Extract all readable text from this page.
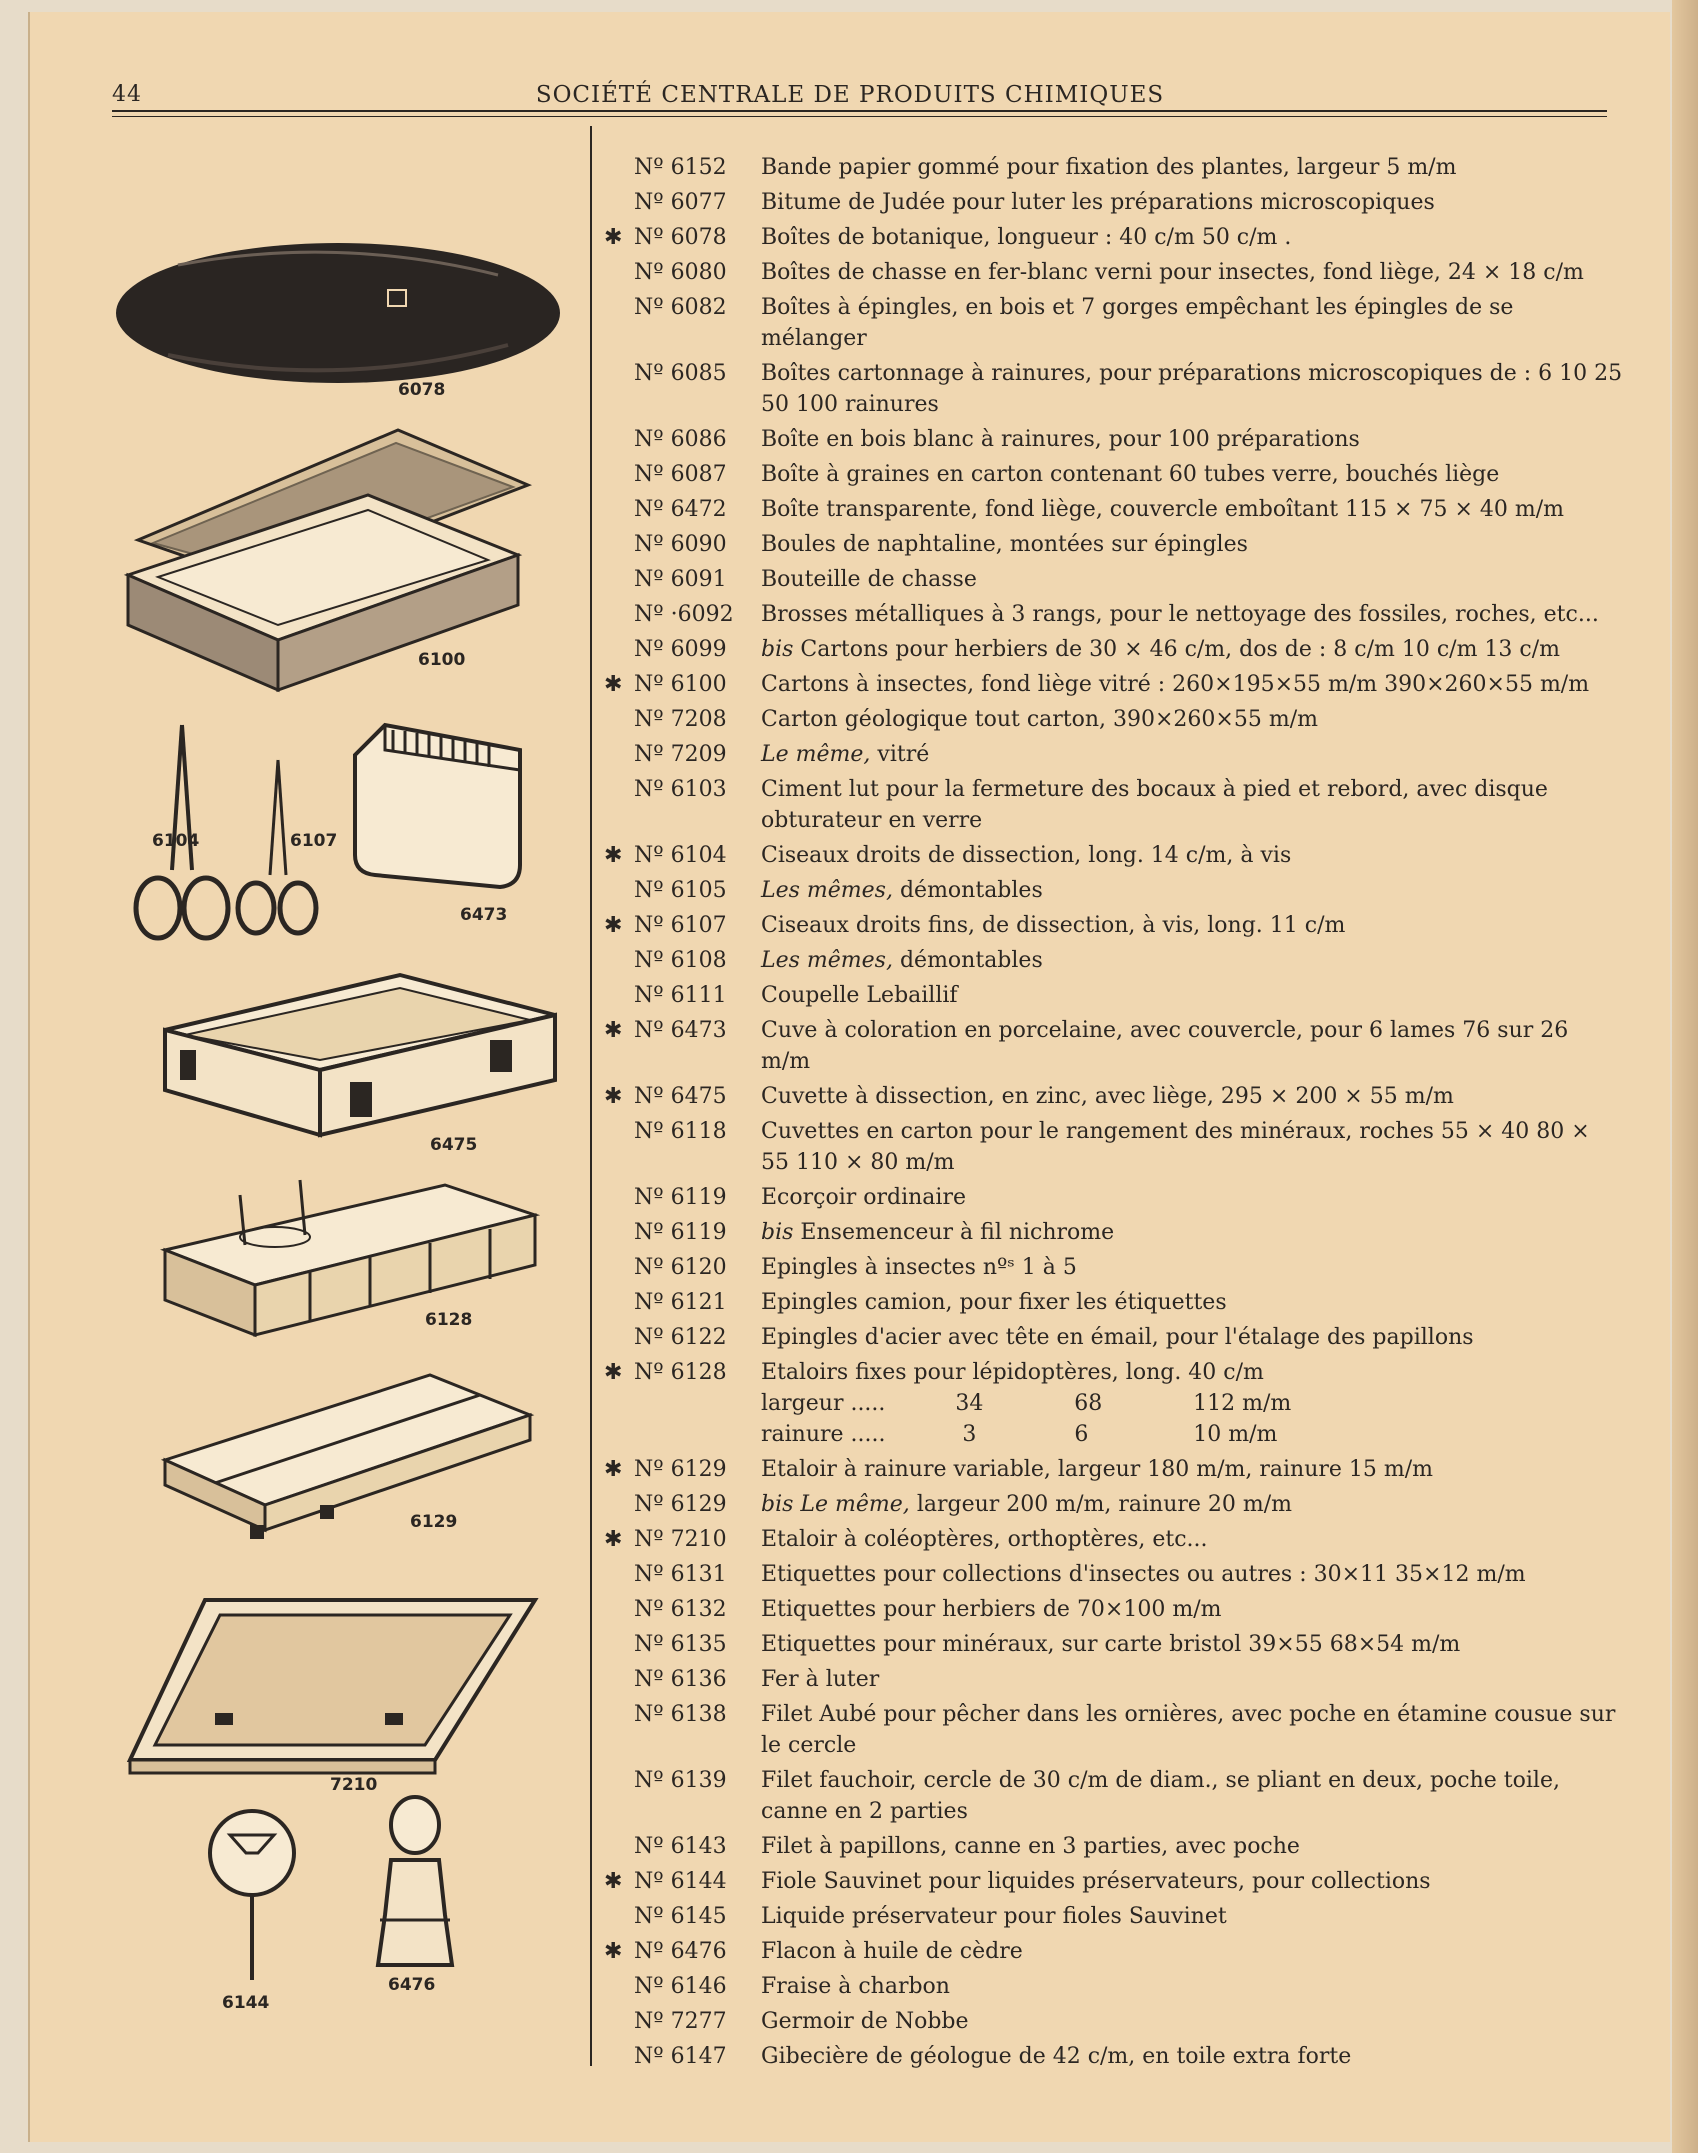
44	SOCIÉTÉ CENTRALE DE PRODUITS CHIMIQUES
6078
6100
6104	6107
6473
6475
6128
6129
7210
6144
6476
Nº 6152	Bande papier gommé pour fixation des plantes, largeur 5 m/m
Nº 6077	Bitume de Judée pour luter les préparations microscopiques
✱ Nº 6078	Boîtes de botanique, longueur : 40 c/m 50 c/m .
Nº 6080	Boîtes de chasse en fer-blanc verni pour insectes, fond liège, 24 × 18 c/m
Nº 6082	Boîtes à épingles, en bois et 7 gorges empêchant les épingles de se mélanger
Nº 6085	Boîtes cartonnage à rainures, pour préparations microscopiques de : 6 10 25 50 100 rainures
Nº 6086	Boîte en bois blanc à rainures, pour 100 préparations
Nº 6087	Boîte à graines en carton contenant 60 tubes verre, bouchés liège
Nº 6472	Boîte transparente, fond liège, couvercle emboîtant 115 × 75 × 40 m/m
Nº 6090	Boules de naphtaline, montées sur épingles
Nº 6091	Bouteille de chasse
Nº ·6092	Brosses métalliques à 3 rangs, pour le nettoyage des fossiles, roches, etc...
Nº 6099	bis Cartons pour herbiers de 30 × 46 c/m, dos de : 8 c/m 10 c/m 13 c/m
✱ Nº 6100	Cartons à insectes, fond liège vitré : 260×195×55 m/m 390×260×55 m/m
Nº 7208	Carton géologique tout carton, 390×260×55 m/m
Nº 7209	Le même, vitré
Nº 6103	Ciment lut pour la fermeture des bocaux à pied et rebord, avec disque obturateur en verre
✱ Nº 6104	Ciseaux droits de dissection, long. 14 c/m, à vis
Nº 6105	Les mêmes, démontables
✱ Nº 6107	Ciseaux droits fins, de dissection, à vis, long. 11 c/m
Nº 6108	Les mêmes, démontables
Nº 6111	Coupelle Lebaillif
✱ Nº 6473	Cuve à coloration en porcelaine, avec couvercle, pour 6 lames 76 sur 26 m/m
✱ Nº 6475	Cuvette à dissection, en zinc, avec liège, 295 × 200 × 55 m/m
Nº 6118	Cuvettes en carton pour le rangement des minéraux, roches 55 × 40 80 × 55 110 × 80 m/m
Nº 6119	Ecorçoir ordinaire
Nº 6119	bis Ensemenceur à fil nichrome
Nº 6120	Epingles à insectes nºˢ 1 à 5
Nº 6121	Epingles camion, pour fixer les étiquettes
Nº 6122	Epingles d'acier avec tête en émail, pour l'étalage des papillons
✱ Nº 6128	Etaloirs fixes pour lépidoptères, long. 40 c/m
largeur .....          34             68             112 m/m
rainure .....           3              6               10 m/m
✱ Nº 6129	Etaloir à rainure variable, largeur 180 m/m, rainure 15 m/m
Nº 6129	bis Le même, largeur 200 m/m, rainure 20 m/m
✱ Nº 7210	Etaloir à coléoptères, orthoptères, etc...
Nº 6131	Etiquettes pour collections d'insectes ou autres : 30×11 35×12 m/m
Nº 6132	Etiquettes pour herbiers de 70×100 m/m
Nº 6135	Etiquettes pour minéraux, sur carte bristol 39×55 68×54 m/m
Nº 6136	Fer à luter
Nº 6138	Filet Aubé pour pêcher dans les ornières, avec poche en étamine cousue sur le cercle
Nº 6139	Filet fauchoir, cercle de 30 c/m de diam., se pliant en deux, poche toile, canne en 2 parties
Nº 6143	Filet à papillons, canne en 3 parties, avec poche
✱ Nº 6144	Fiole Sauvinet pour liquides préservateurs, pour collections
Nº 6145	Liquide préservateur pour fioles Sauvinet
✱ Nº 6476	Flacon à huile de cèdre
Nº 6146	Fraise à charbon
Nº 7277	Germoir de Nobbe
Nº 6147	Gibecière de géologue de 42 c/m, en toile extra forte
